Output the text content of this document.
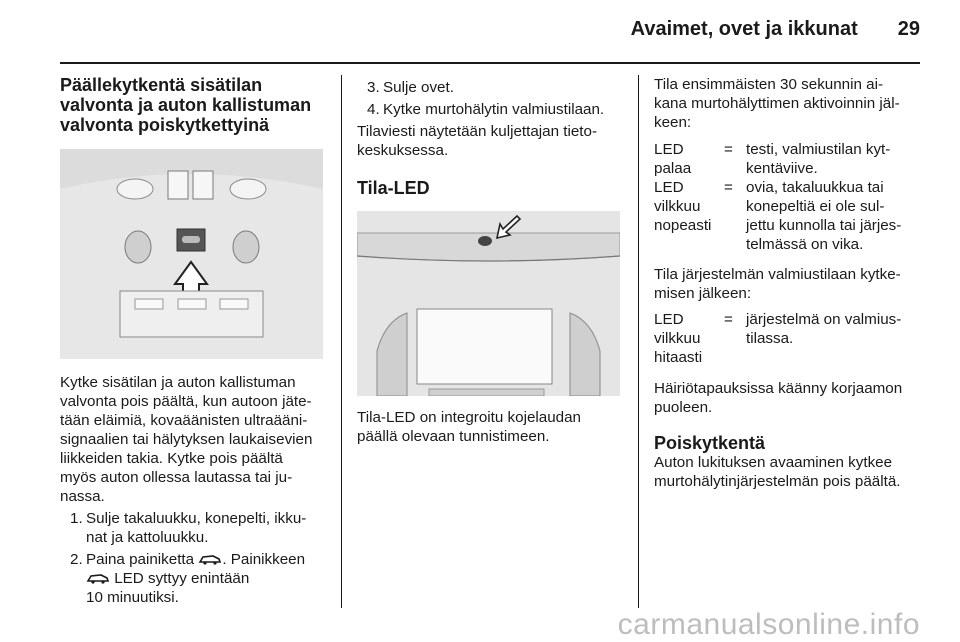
Avaimet, ovet ja ikkunat 29
Päällekytkentä sisätilan
valvonta ja auton kallistuman
valvonta poiskytkettyinä

Kytke sisätilan ja auton kallistuman

valvonta pois päältä, kun autoon jäte-

tään eläimiä, kovaäänisten ultraääni-

signaalien tai hälytyksen laukaisevien

liikkeiden takia. Kytke pois päältä

myös auton ollessa lautassa tai ju-

nassa.

1. Sulje takaluukku, konepelti, ikku-
nat ja kattoluukku.
2. Paina painiketta . Painikkeen
LED syttyy enintään
10 minuutiksi.
3. Sulje ovet.
4. Kytke murtohälytin valmiustilaan.

Tilaviesti näytetään kuljettajan tieto-

keskuksessa.

Tila-LED

Tila-LED on integroitu kojelaudan

päällä olevaan tunnistimeen.

Tila ensimmäisten 30 sekunnin ai-

kana murtohälyttimen aktivoinnin jäl-

keen:

LED
palaa
= testi, valmiustilan kyt-
kentäviive.
LED
vilkkuu
nopeasti
= ovia, takaluukkua tai
konepeltiä ei ole sul-
jettu kunnolla tai järjes-
telmässä on vika.

Tila järjestelmän valmiustilaan kytke-

misen jälkeen:

LED
vilkkuu
hitaasti
= järjestelmä on valmius-
tilassa.

Häiriötapauksissa käänny korjaamon

puoleen.

Poiskytkentä

Auton lukituksen avaaminen kytkee

murtohälytinjärjestelmän pois päältä.

carmanualsonline.info
